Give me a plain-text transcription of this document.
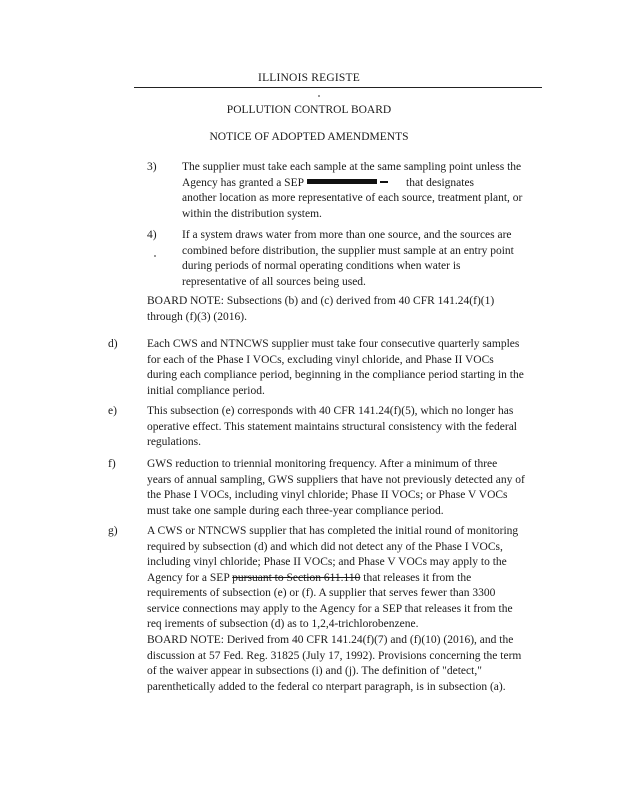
ILLINOIS REGISTE
POLLUTION CONTROL BOARD
NOTICE OF ADOPTED AMENDMENTS
3) The supplier must take each sample at the same sampling point unless the
Agency has granted a SEP	that designates
another location as more representative of each source, treatment plant, or
within the distribution system.
4) If a system draws water from more than one source, and the sources are
combined before distribution, the supplier must sample at an entry point
during periods of normal operating conditions when water is
representative of all sources being used.
BOARD NOTE: Subsections (b) and (c) derived from 40 CFR 141.24(f)(1)
through (f)(3) (2016).
d)	Each CWS and NTNCWS supplier must take four consecutive quarterly samples
for each of the Phase I VOCs, excluding vinyl chloride, and Phase II VOCs
during each compliance period, beginning in the compliance period starting in the
initial compliance period.
e)	This subsection (e) corresponds with 40 CFR 141.24(f)(5), which no longer has
operative effect. This statement maintains structural consistency with the federal
regulations.
f)	GWS reduction to triennial monitoring frequency. After a minimum of three
years of annual sampling, GWS suppliers that have not previously detected any of
the Phase I VOCs, including vinyl chloride; Phase II VOCs; or Phase V VOCs
must take one sample during each three-year compliance period.
g)	A CWS or NTNCWS supplier that has completed the initial round of monitoring
required by subsection (d) and which did not detect any of the Phase I VOCs,
including vinyl chloride; Phase II VOCs; and Phase V VOCs may apply to the
Agency for a SEP pursuant to Section 611.110 that releases it from the
requirements of subsection (e) or (f). A supplier that serves fewer than 3300
service connections may apply to the Agency for a SEP that releases it from the
req irements of subsection (d) as to 1,2,4-trichlorobenzene.
BOARD NOTE: Derived from 40 CFR 141.24(f)(7) and (f)(10) (2016), and the
discussion at 57 Fed. Reg. 31825 (July 17, 1992). Provisions concerning the term
of the waiver appear in subsections (i) and (j). The definition of "detect,"
parenthetically added to the federal co nterpart paragraph, is in subsection (a).
